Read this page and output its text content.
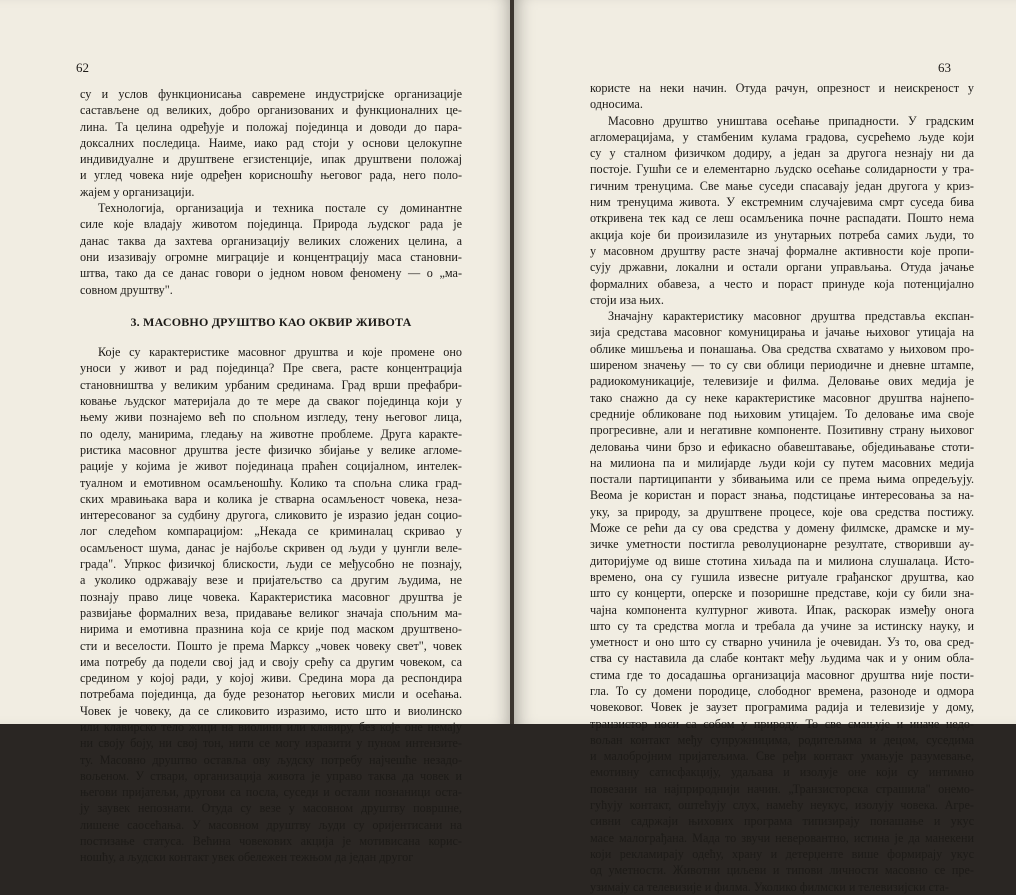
62
су и услов функционисања савремене индустријске организације
састављене од великих, добро организованих и функционалних це-
лина. Та целина одређује и положај појединца и доводи до пара-
доксалних последица. Наиме, иако рад стоји у основи целокупне
индивидуалне и друштвене егзистенције, ипак друштвени положај
и углед човека није одређен корисношћу његовог рада, него поло-
жајем у организацији.
Технологија, организација и техника постале су доминантне
силе које владају животом појединца. Природа људског рада је
данас таква да захтева организацију великих сложених целина, а
они изазивају огромне миграције и концентрацију маса становни-
штва, тако да се данас говори о једном новом феномену — о „ма-
совном друштву".
3. МАСОВНО ДРУШТВО КАО ОКВИР ЖИВОТА
Које су карактеристике масовног друштва и које промене оно
уноси у живот и рад појединца? Пре свега, расте концентрација
становништва у великим урбаним срединама. Град врши префабри-
ковање људског материјала до те мере да сваког појединца који у
њему живи познајемо већ по спољном изгледу, тену његовог лица,
по оделу, манирима, гледању на животне проблеме. Друга каракте-
ристика масовног друштва јесте физичко збијање у велике агломе-
рације у којима је живот појединаца праћен социјалном, интелек-
туалном и емотивном осамљеношћу. Колико та спољна слика град-
ских мравињака вара и колика је стварна осамљеност човека, неза-
интересованог за судбину другога, сликовито је изразио један социо-
лог следећом компарацијом: „Некада се криминалац скривао у
осамљеност шума, данас је најбоље скривен од људи у џунгли веле-
града". Упркос физичкој блискости, људи се међусобно не познају,
а уколико одржавају везе и пријатељство са другим људима, не
познају право лице човека. Карактеристика масовног друштва је
развијање формалних веза, придавање великог значаја спољним ма-
нирима и емотивна празнина која се крије под маском друштвено-
сти и веселости. Пошто је према Марксу „човек човеку свет", човек
има потребу да подели свој јад и своју срећу са другим човеком, са
средином у којој ради, у којој живи. Средина мора да респондира
потребама појединца, да буде резонатор његових мисли и осећања.
Човек је човеку, да се сликовито изразимо, исто што и виолинско
или клавирско тело жици на виолини или клавиру, без које оне немају
ни своју боју, ни свој тон, нити се могу изразити у пуном интензите-
ту. Масовно друштво оставља ову људску потребу најчешће незадо-
вољеном. У ствари, организација живота је управо таква да човек и
његови пријатељи, другови са посла, суседи и остали познаници оста-
ју заувек непознати. Отуда су везе у масовном друштву површне,
лишене саосећања. У масовном друштву људи су оријентисани на
постизање статуса. Већина човекових акција је мотивисана корис-
ношћу, а људски контакт увек обележен тежњом да један другог
63
користе на неки начин. Отуда рачун, опрезност и неискреност у
односима.
Масовно друштво уништава осећање припадности. У градским
агломерацијама, у стамбеним кулама градова, сусрећемо људе који
су у сталном физичком додиру, а један за другога незнају ни да
постоје. Гушћи се и елементарно људско осећање солидарности у тра-
гичним тренуцима. Све мање суседи спасавају један другога у криз-
ним тренуцима живота. У екстремним случајевима смрт суседа бива
откривена тек кад се леш осамљеника почне распадати. Пошто нема
акција које би произилазиле из унутарњих потреба самих људи, то
у масовном друштву расте значај формалне активности које пропи-
сују државни, локални и остали органи управљања. Отуда јачање
формалних обавеза, а често и пораст принуде која потенцијално
стоји иза њих.
Значајну карактеристику масовног друштва представља експан-
зија средстава масовног комуницирања и јачање њиховог утицаја на
облике мишљења и понашања. Ова средства схватамо у њиховом про-
ширеном значењу — то су сви облици периодичне и дневне штампе,
радиокомуникације, телевизије и филма. Деловање ових медија је
тако снажно да су неке карактеристике масовног друштва најнепо-
средније обликоване под њиховим утицајем. То деловање има своје
прогресивне, али и негативне компоненте. Позитивну страну њиховог
деловања чини брзо и ефикасно обавештавање, обједињавање стоти-
на милиона па и милијарде људи који су путем масовних медија
постали партиципанти у збивањима или се према њима опредељују.
Веома је користан и пораст знања, подстицање интересовања за на-
уку, за природу, за друштвене процесе, које ова средства постижу.
Може се рећи да су ова средства у домену филмске, драмске и му-
зичке уметности постигла револуционарне резултате, створивши ау-
диторијуме од више стотина хиљада па и милиона слушалаца. Исто-
времено, она су гушила извесне ритуале грађанског друштва, као
што су концерти, оперске и позоришне представе, који су били зна-
чајна компонента културног живота. Ипак, раскорак између онога
што су та средства могла и требала да учине за истинску науку, и
уметност и оно што су стварно учинила је очевидан. Уз то, ова сред-
ства су наставила да слабе контакт међу људима чак и у оним обла-
стима где то досадашња организација масовног друштва није пости-
гла. То су домени породице, слободног времена, разоноде и одмора
човековог. Човек је заузет програмима радија и телевизије у дому,
транзистор носи са собом у природу. То све смањује и иначе недо-
вољан контакт међу супружницима, родитељима и децом, суседима
и малобројним пријатељима. Све ређи контакт умањује разумевање,
емотивну сатисфакцију, удаљава и изолује оне који су интимно
повезани на најприроднији начин. „Транзисторска страшила" онемо-
гућују контакт, оштећују слух, намећу неукус, изолују човека. Агре-
сивни садржаји њихових програма типизирају понашање и укус
масе малограђана. Мада то звучи неверовантно, истина је да манекени
који рекламирају одећу, храну и детерџенте више формирају укус
од уметности. Животни циљеви и типови личности масовно се пре-
узимају са телевизије и филма. Уколико филмски и телевизијски ста-
